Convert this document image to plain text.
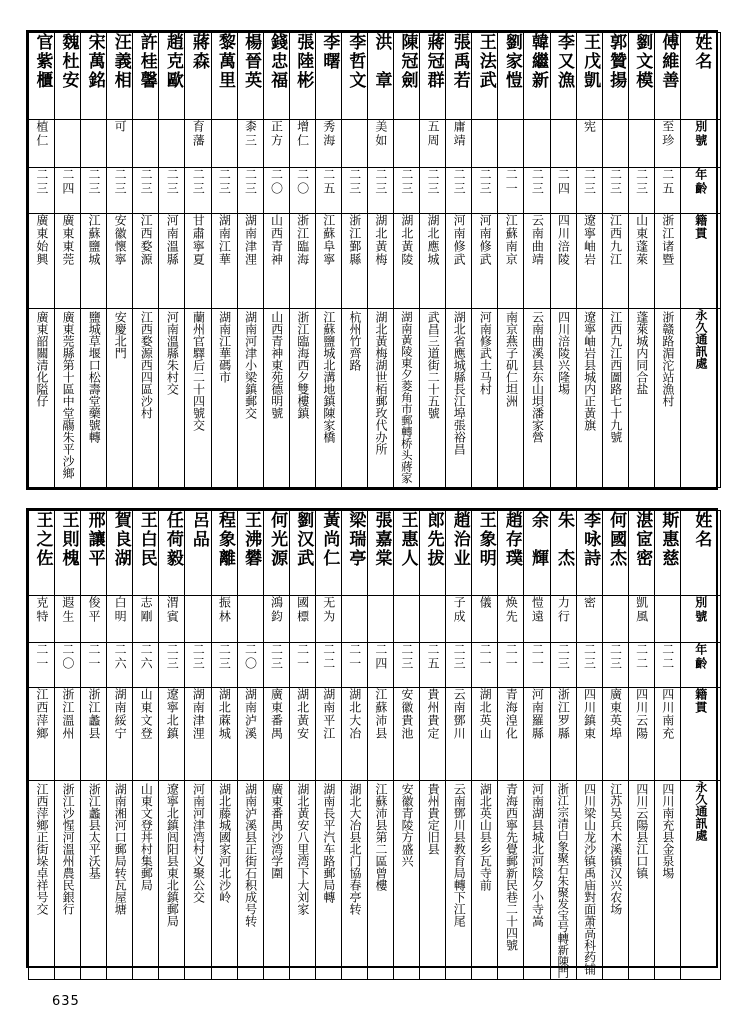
官紫櫃	魏杜安	宋萬銘	汪義相	許桂馨	趙克歐	蔣森	黎萬里	楊晉英	錢忠福	張陸彬	李曙	李哲文	洪　章	陳冠劍	蔣冠群	張禹若	王法武	劉家愷	韓繼新	李又漁	王戊凱	郭贊揚	劉文模	傅維善	姓名

植仁			可			育藩		桼三	正方	增仁	秀海		美如		五周	庸靖					宪			至珍	別號

二三	二四	二三	二三	二三	二三	二三	二三	二三	二〇	二〇	二五	二三	二三	二三	二三	二三	二三	二一	二三	二四	二三	二三	二三	二五	年齡

廣東始興	廣東東莞	江蘇鹽城	安徽懷寧	江西婺源	河南溫縣	甘肅寧夏	湖南江華	湖南津浬	山西青神	浙江臨海	江蘇阜寧	浙江鄞縣	湖北黃梅	湖北黃陵	湖北應城	河南修武	河南修武	江蘇南京	云南曲靖	四川涪陵	遼寧岫岩	江西九江	山東蓬萊	浙江诸暨	籍貫

廣東韶關清化隘仔	廣東莞縣第十區中堂鬺朱平沙鄉	鹽城草堰口松壽堂藥號轉	安慶北門	江西婺源西四區沙村	河南溫縣朱村交	蘭州官驛后二十四號交	湖南江華碼市	湖南河津小梁鎮郵交	山西青神東苑德明號	浙江臨海西夕雙樓鎮	江蘇鹽城北溝地鎮陳家橋	杭州竹齊路	湖北黃梅湖世栢郵玫代办所	湖南黃陵東夕菱角市郵轉桥头蔣家	武昌三道街二十五號	湖北省應城縣長江埠張裕昌	河南修武土马村	南京燕子矶仁坦洲	云南曲溪县东山垻潘家營	四川涪陵兴隆埸	遼寧岫岩县城内正黃旗	江西九江西圖路七十九號	蓬萊城内同合盐	浙赣路湄沱站漁村	永久通訊處
王之佐	王則槐	邢讓平	賀良湖	王白民	任荷毅	呂品	程象離	王沸礬	何光源	劉汉武	黃尚仁	梁瑞亭	張嘉棠	王惠人	郎先拔	趙治业	王象明	趙存璞	余　輝	朱　杰	李咏詩	何國杰	湛宧密	斯惠慈	姓名

克特	遐生	俊平	白明	志剛	渭賓		振林		鴻鈞	國標	无为					子成	儀	焕先	愷遠	力行	密		凱風		別號

二一	二〇	二一	二六	二六	二三	二三	二三	二〇	二三	二一	二二	二一	二四	二三	二五	二三	二一	二一	二一	二三	二三	二三	二二	二二	年齡

江西萍鄉	浙江溫州	浙江蠡县	湖南綏宁	山東文登	遼寧北鎮	湖南津浬	湖北蔴城	湖南泸溪	廣東番禺	湖北黃安	湖南平江	湖北大冶	江蘇沛县	安徽貴池	貴州貴定	云南鄧川	湖北英山	青海湟化	河南羅縣	浙江罗縣	四川鎮東	廣東英埠	四川云陽	四川南充	籍貫

江西萍鄉正街垛卓祥号交	浙江沙惺河溫州農民銀行	浙江蠡县太平沃基	湖南湘河口郵局转瓦屋塘	山東文登丼村集郵局	遼寧北鎮闾阳县東北鎮郵局	河南河津湾村义聚公交	湖北藤城國家河北沙岭	湖南泸溪县正街石积成号转	廣東番禺沙湾学圍	湖北黃安八里湾下大刘家	湖南長平汽车路郵局轉	湖北大冶县北门協春亭转	江蘇沛县第二區曾樓	安徽青陵方盛兴	貴州貴定旧县	云南鄧川县教育局轉下江尾	湖北英山县乡瓦寺前	青海西寧先覺郵新民巷二十四號	河南湖县城北河陰夕小寺嵩	浙江宗清白象聚石朱聚发宝号轉新陳門	四川梁山龙沙镇禹庙對面萧高科药铺	江苏吴兵木溪镇汉兴农场	四川云陽县江口镇	四川南充县金泉埸	永久通訊處
635
